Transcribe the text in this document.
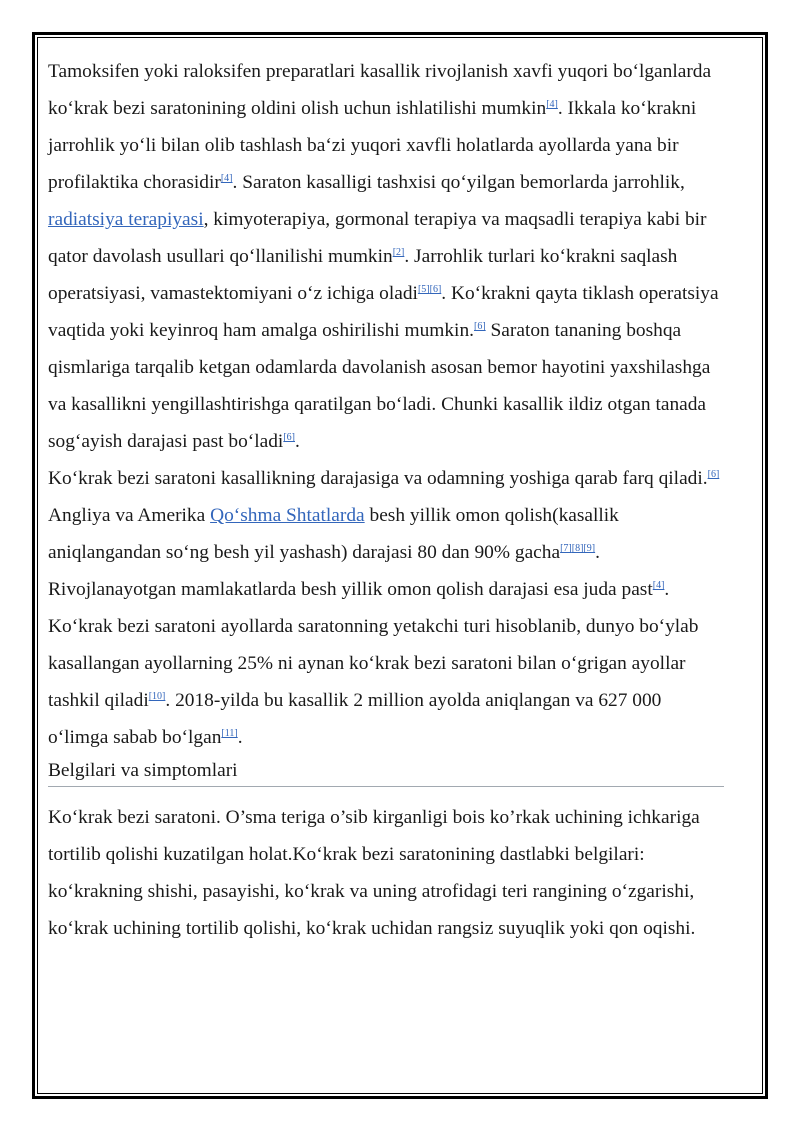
Tamoksifen yoki raloksifen preparatlari kasallik rivojlanish xavfi yuqori bo‘lganlarda ko‘krak bezi saratonining oldini olish uchun ishlatilishi mumkin[4]. Ikkala ko‘krakni jarrohlik yo‘li bilan olib tashlash ba‘zi yuqori xavfli holatlarda ayollarda yana bir profilaktika chorasidir[4]. Saraton kasalligi tashxisi qo‘yilgan bemorlarda jarrohlik, radiatsiya terapiyasi, kimyoterapiya, gormonal terapiya va maqsadli terapiya kabi bir qator davolash usullari qo‘llanilishi mumkin[2]. Jarrohlik turlari ko‘krakni saqlash operatsiyasi, vamastektomiyani o‘z ichiga oladi[5][6]. Ko‘krakni qayta tiklash operatsiya vaqtida yoki keyinroq ham amalga oshirilishi mumkin.[6] Saraton tananing boshqa qismlariga tarqalib ketgan odamlarda davolanish asosan bemor hayotini yaxshilashga va kasallikni yengillashtirishga qaratilgan bo‘ladi. Chunki kasallik ildiz otgan tanada sog‘ayish darajasi past bo‘ladi[6].

Ko‘krak bezi saratoni kasallikning darajasiga va odamning yoshiga qarab farq qiladi.[6] Angliya va Amerika Qo‘shma Shtatlarda besh yillik omon qolish(kasallik aniqlangandan so‘ng besh yil yashash) darajasi 80 dan 90% gacha[7][8][9]. Rivojlanayotgan mamlakatlarda besh yillik omon qolish darajasi esa juda past[4]. Ko‘krak bezi saratoni ayollarda saratonning yetakchi turi hisoblanib, dunyo bo‘ylab kasallangan ayollarning 25% ni aynan ko‘krak bezi saratoni bilan o‘grigan ayollar tashkil qiladi[10]. 2018-yilda bu kasallik 2 million ayolda aniqlangan va 627 000 o‘limga sabab bo‘lgan[11].

Belgilari va simptomlari

Ko‘krak bezi saratoni. O’sma teriga o’sib kirganligi bois ko’rkak uchining ichkariga tortilib qolishi kuzatilgan holat.Ko‘krak bezi saratonining dastlabki belgilari: ko‘krakning shishi, pasayishi, ko‘krak va uning atrofidagi teri rangining o‘zgarishi, ko‘krak uchining tortilib qolishi, ko‘krak uchidan rangsiz suyuqlik yoki qon oqishi.
